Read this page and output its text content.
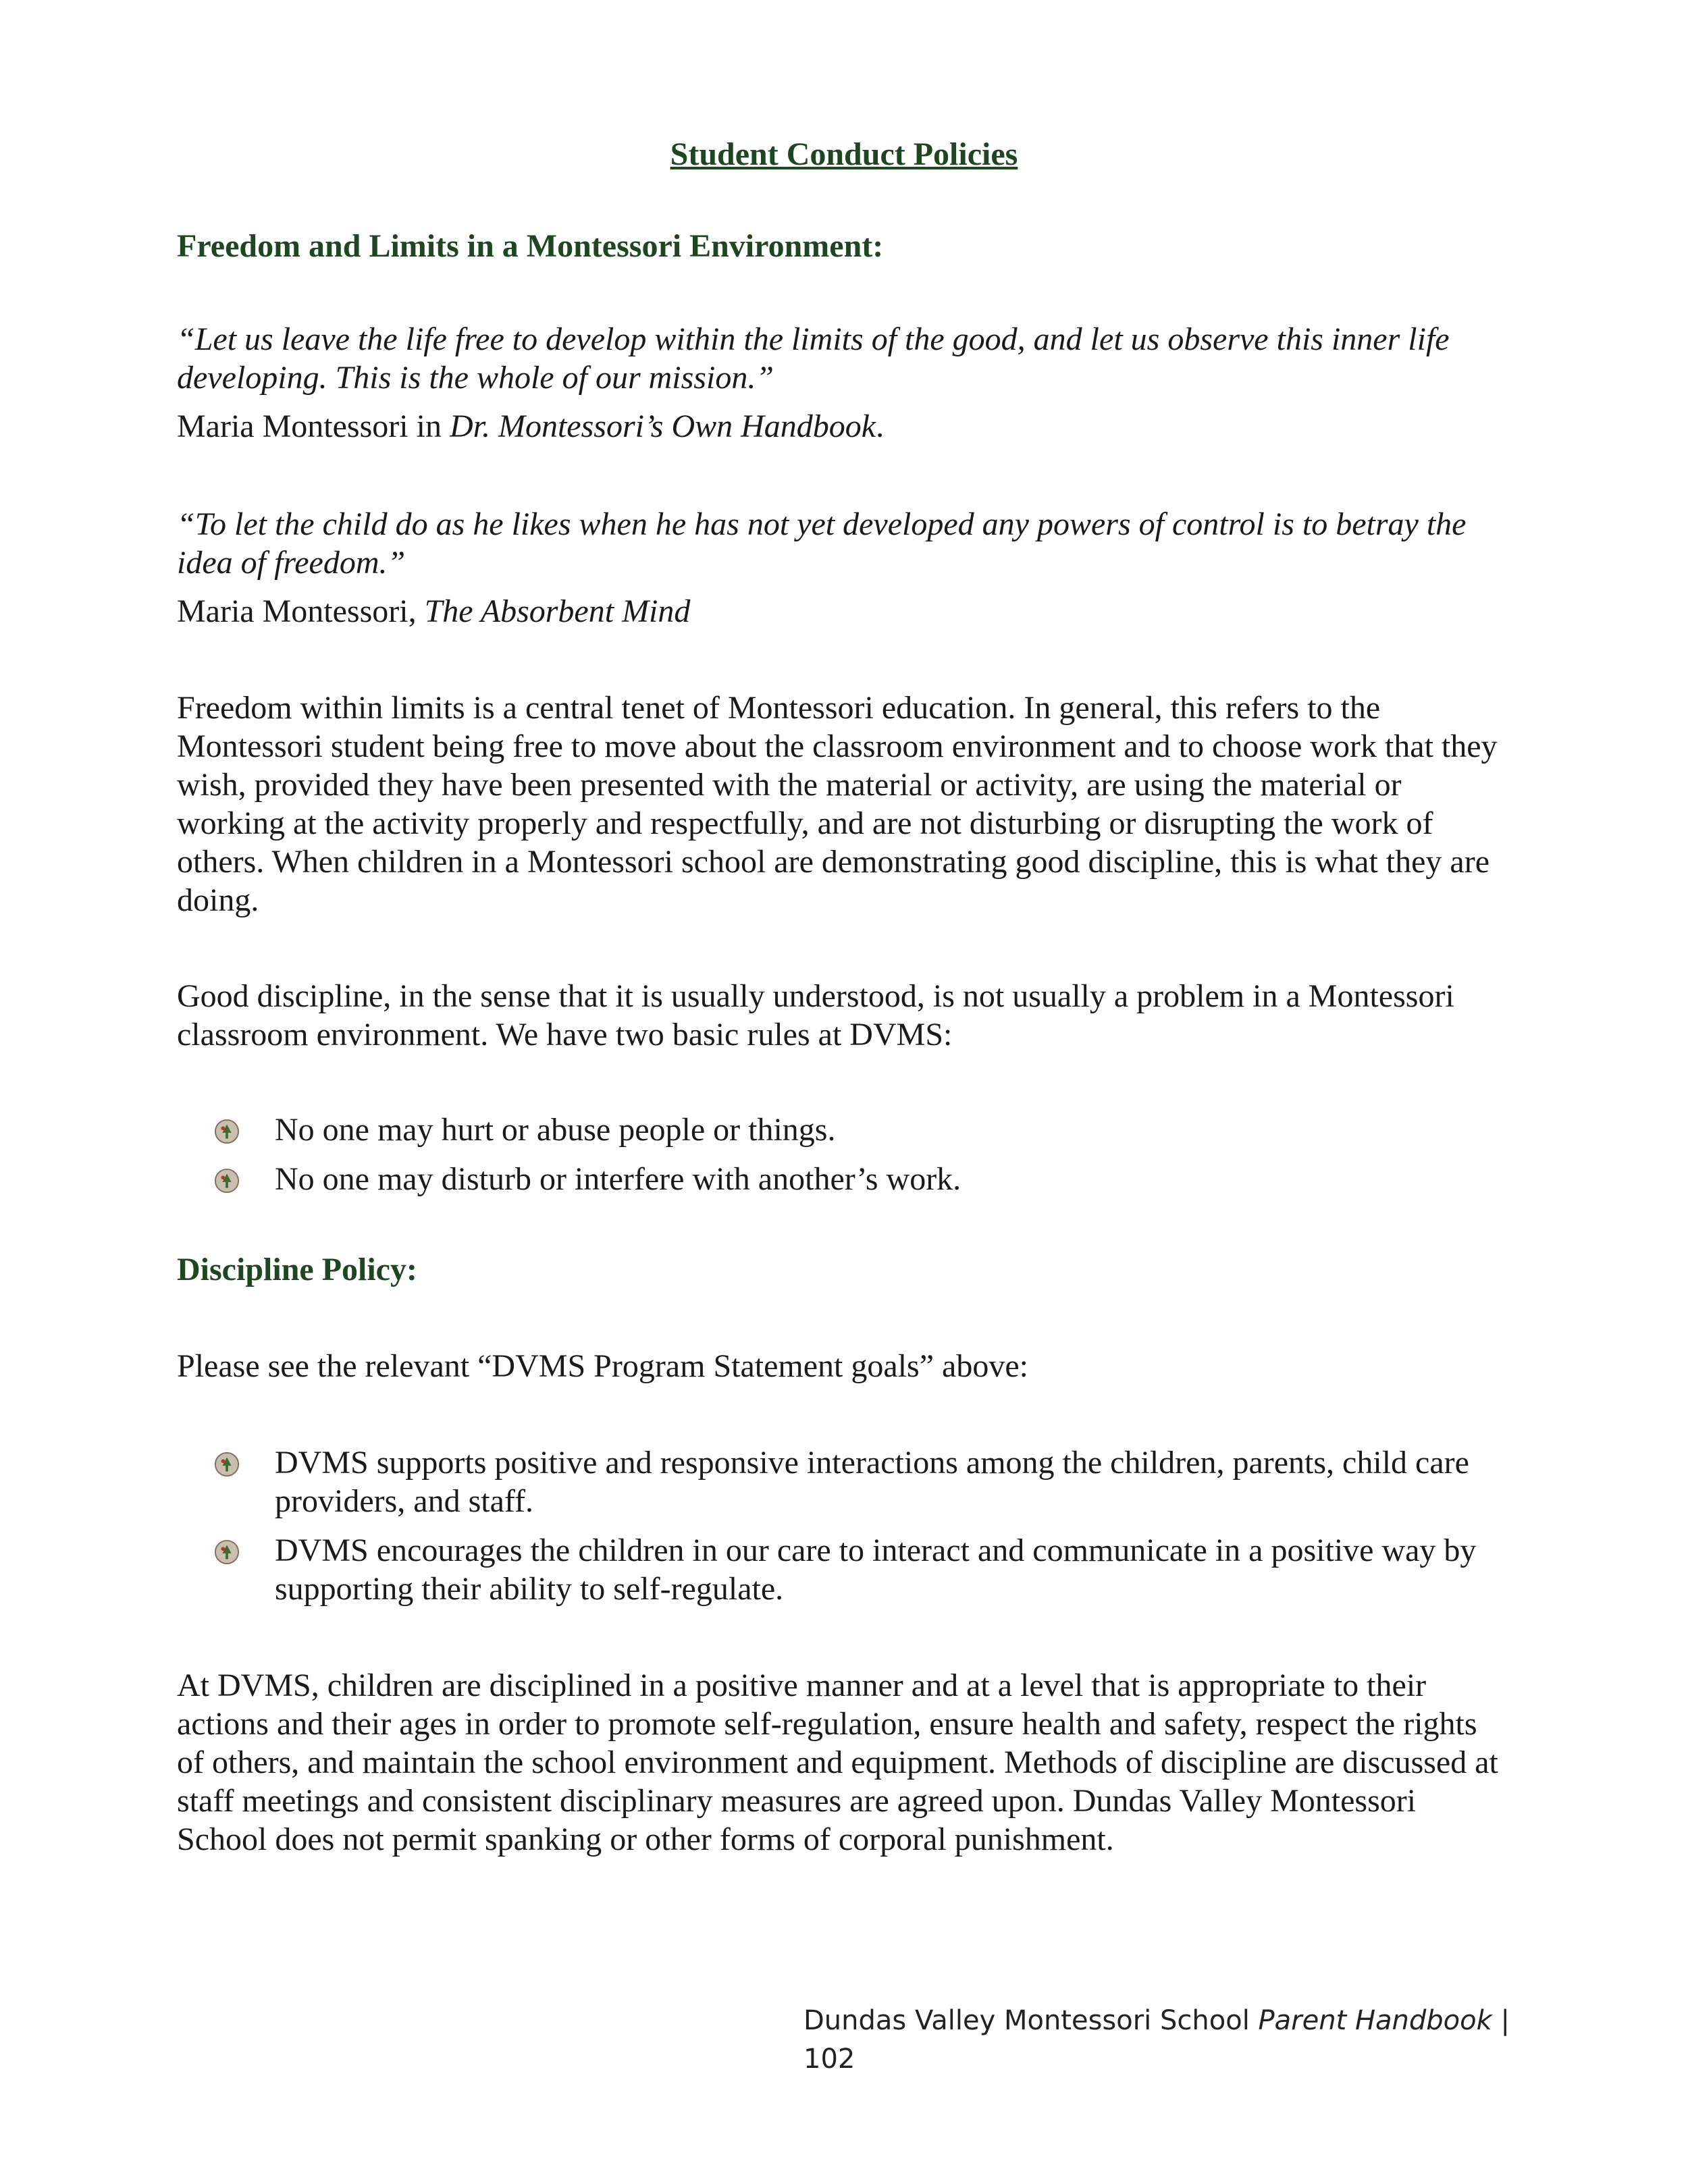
Student Conduct Policies
Freedom and Limits in a Montessori Environment:
“Let us leave the life free to develop within the limits of the good, and let us observe this inner life developing. This is the whole of our mission.”
Maria Montessori in Dr. Montessori’s Own Handbook.
“To let the child do as he likes when he has not yet developed any powers of control is to betray the idea of freedom.”
Maria Montessori, The Absorbent Mind
Freedom within limits is a central tenet of Montessori education. In general, this refers to the Montessori student being free to move about the classroom environment and to choose work that they wish, provided they have been presented with the material or activity, are using the material or working at the activity properly and respectfully, and are not disturbing or disrupting the work of others. When children in a Montessori school are demonstrating good discipline, this is what they are doing.
Good discipline, in the sense that it is usually understood, is not usually a problem in a Montessori classroom environment. We have two basic rules at DVMS:
No one may hurt or abuse people or things.
No one may disturb or interfere with another’s work.
Discipline Policy:
Please see the relevant “DVMS Program Statement goals” above:
DVMS supports positive and responsive interactions among the children, parents, child care providers, and staff.
DVMS encourages the children in our care to interact and communicate in a positive way by supporting their ability to self-regulate.
At DVMS, children are disciplined in a positive manner and at a level that is appropriate to their actions and their ages in order to promote self-regulation, ensure health and safety, respect the rights of others, and maintain the school environment and equipment. Methods of discipline are discussed at staff meetings and consistent disciplinary measures are agreed upon. Dundas Valley Montessori School does not permit spanking or other forms of corporal punishment.
Dundas Valley Montessori School Parent Handbook | 102
